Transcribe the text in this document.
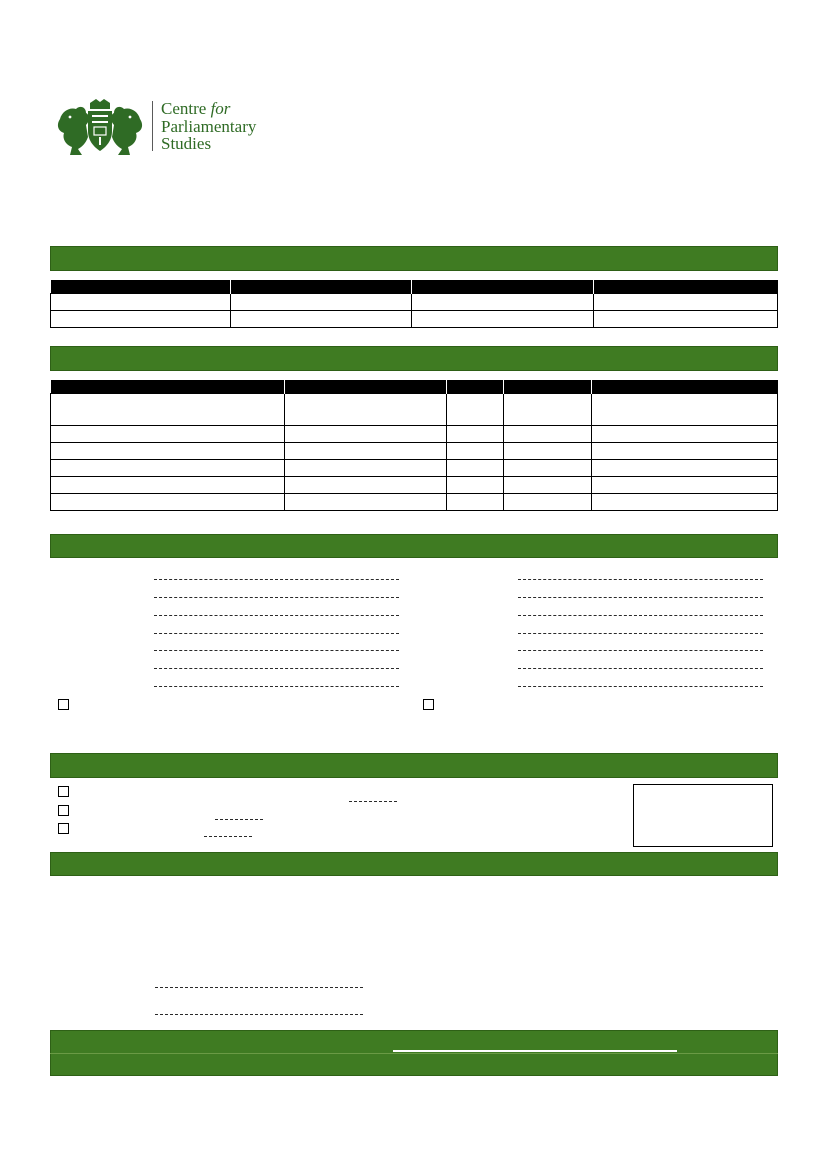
Centre for
Parliamentary
Studies
